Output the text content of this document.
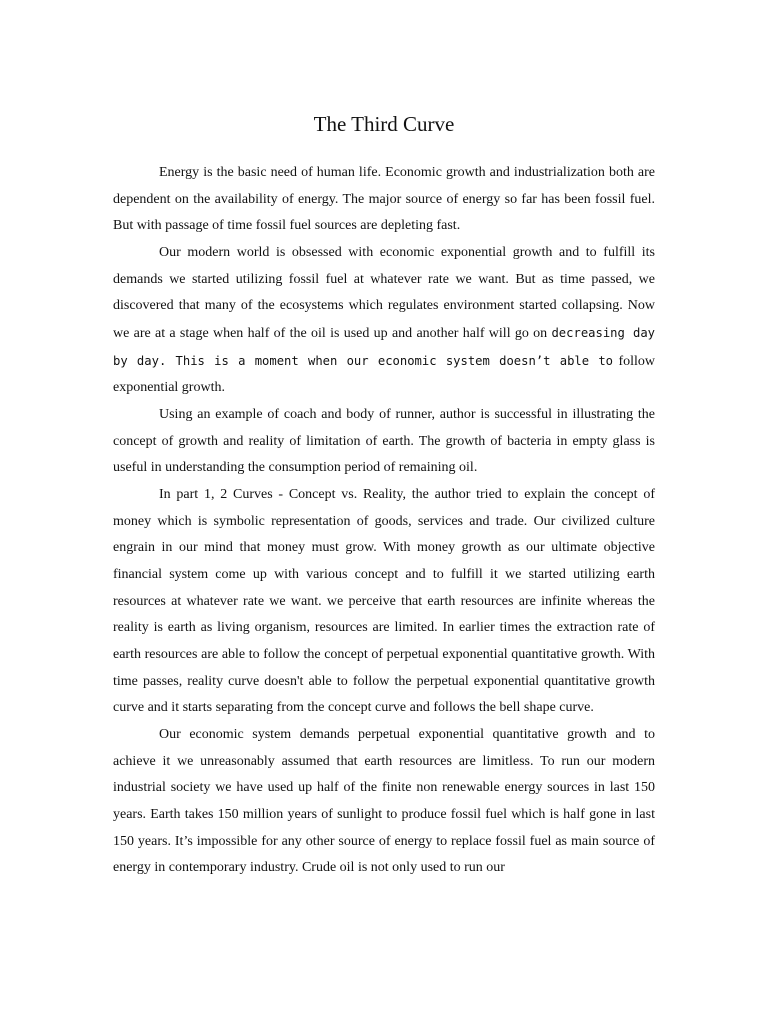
The Third Curve

Energy is the basic need of human life. Economic growth and industrialization both are dependent on the availability of energy. The major source of energy so far has been fossil fuel. But with passage of time fossil fuel sources are depleting fast.

Our modern world is obsessed with economic exponential growth and to fulfill its demands we started utilizing fossil fuel at whatever rate we want. But as time passed, we discovered that many of the ecosystems which regulates environment started collapsing. Now we are at a stage when half of the oil is used up and another half will go on decreasing day by day. This is a moment when our economic system doesn’t able to follow exponential growth.

Using an example of coach and body of runner, author is successful in illustrating the concept of growth and reality of limitation of earth. The growth of bacteria in empty glass is useful in understanding the consumption period of remaining oil.

In part 1, 2 Curves - Concept vs. Reality, the author tried to explain the concept of money which is symbolic representation of goods, services and trade. Our civilized culture engrain in our mind that money must grow. With money growth as our ultimate objective financial system come up with various concept and to fulfill it we started utilizing earth resources at whatever rate we want. we perceive that earth resources are infinite whereas the reality is earth as living organism, resources are limited. In earlier times the extraction rate of earth resources are able to follow the concept of perpetual exponential quantitative growth. With time passes, reality curve doesn't able to follow the perpetual exponential quantitative growth curve and it starts separating from the concept curve and follows the bell shape curve.

Our economic system demands perpetual exponential quantitative growth and to achieve it we unreasonably assumed that earth resources are limitless. To run our modern industrial society we have used up half of the finite non renewable energy sources in last 150 years. Earth takes 150 million years of sunlight to produce fossil fuel which is half gone in last 150 years. It’s impossible for any other source of energy to replace fossil fuel as main source of energy in contemporary industry. Crude oil is not only used to run our
